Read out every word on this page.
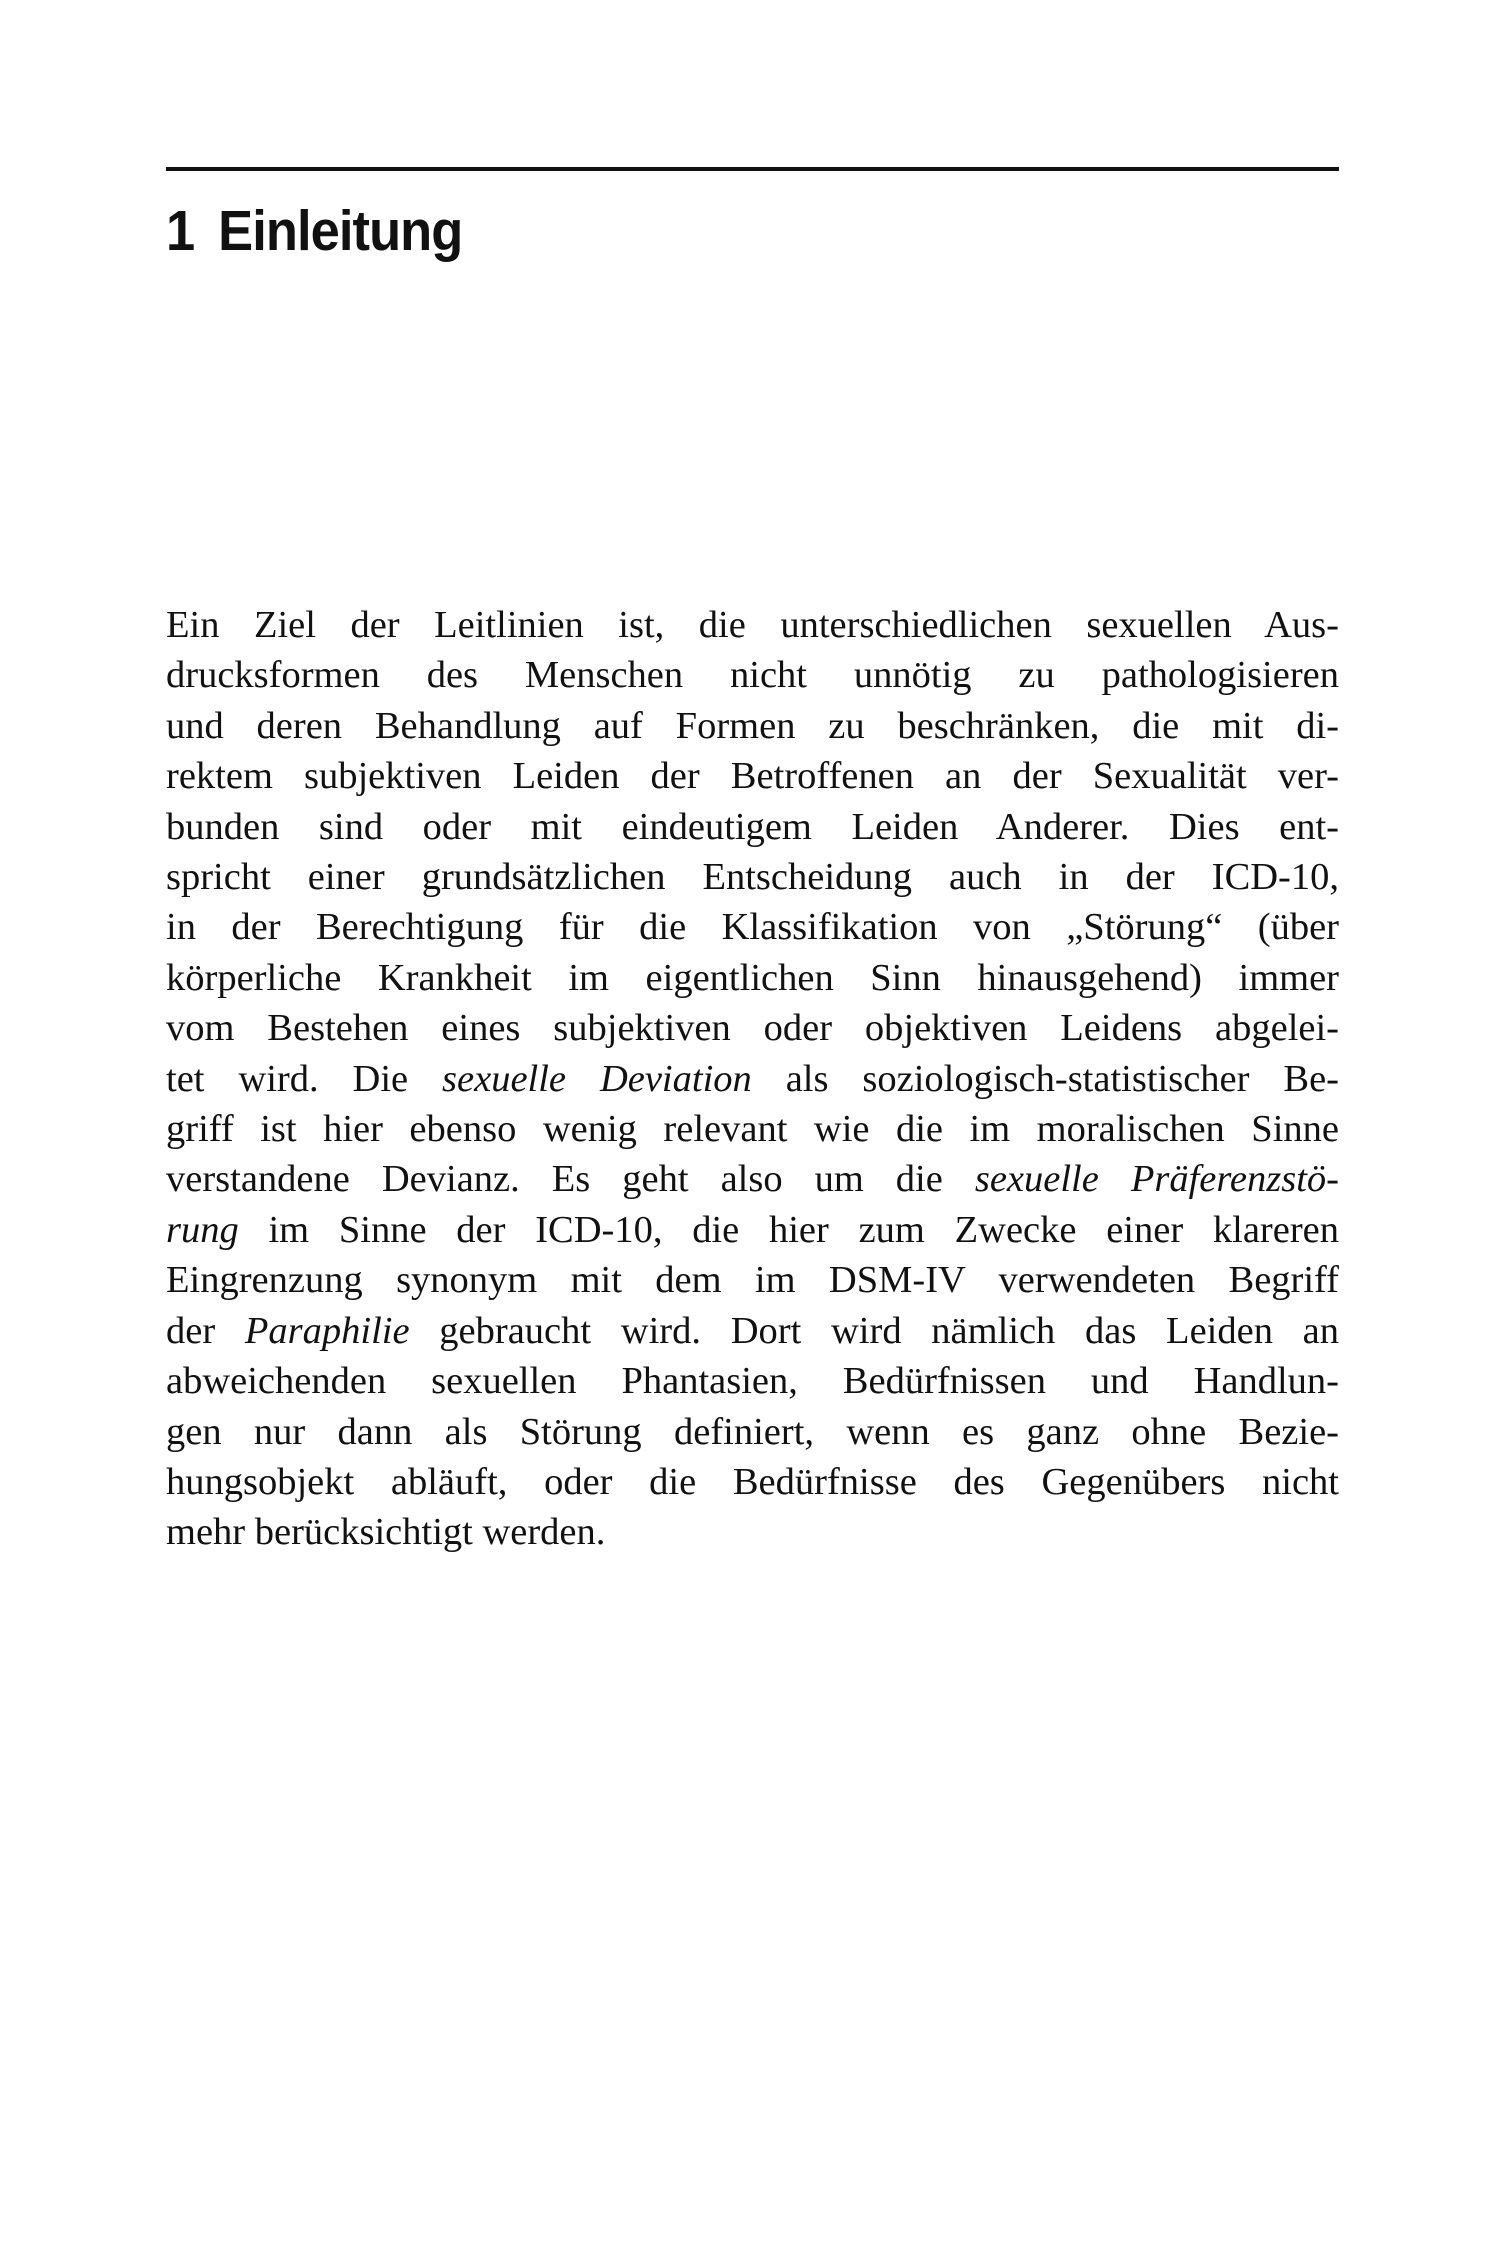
1 Einleitung

Ein Ziel der Leitlinien ist, die unterschiedlichen sexuellen Aus-
drucksformen des Menschen nicht unnötig zu pathologisieren
und deren Behandlung auf Formen zu beschränken, die mit di-
rektem subjektiven Leiden der Betroffenen an der Sexualität ver-
bunden sind oder mit eindeutigem Leiden Anderer. Dies ent-
spricht einer grundsätzlichen Entscheidung auch in der ICD-10,
in der Berechtigung für die Klassifikation von „Störung“ (über
körperliche Krankheit im eigentlichen Sinn hinausgehend) immer
vom Bestehen eines subjektiven oder objektiven Leidens abgelei-
tet wird. Die sexuelle Deviation als soziologisch-statistischer Be-
griff ist hier ebenso wenig relevant wie die im moralischen Sinne
verstandene Devianz. Es geht also um die sexuelle Präferenzstö-
rung im Sinne der ICD-10, die hier zum Zwecke einer klareren
Eingrenzung synonym mit dem im DSM-IV verwendeten Begriff
der Paraphilie gebraucht wird. Dort wird nämlich das Leiden an
abweichenden sexuellen Phantasien, Bedürfnissen und Handlun-
gen nur dann als Störung definiert, wenn es ganz ohne Bezie-
hungsobjekt abläuft, oder die Bedürfnisse des Gegenübers nicht
mehr berücksichtigt werden.
